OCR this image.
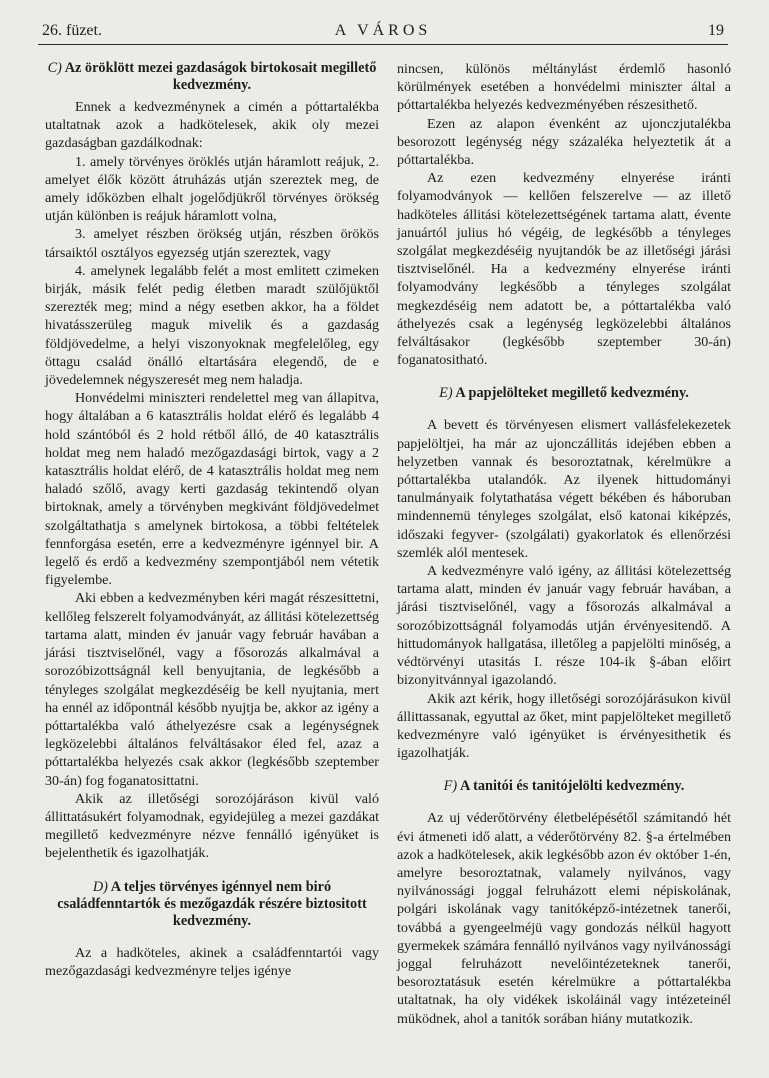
26. füzet.	A VÁROS	19
C) Az öröklött mezei gazdaságok birtokosait megillető kedvezmény.

Ennek a kedvezménynek a cimén a póttartalékba utaltatnak azok a hadkötelesek, akik oly mezei gazdaságban gazdálkodnak:

1. amely törvényes öröklés utján háramlott reájuk, 2. amelyet élők között átruházás utján szereztek meg, de amely időközben elhalt jogelődjükről törvényes örökség utján különben is reájuk háramlott volna,

3. amelyet részben örökség utján, részben örökös társaiktól osztályos egyezség utján szereztek, vagy

4. amelynek legalább felét a most emlitett czimeken birják, másik felét pedig életben maradt szülőjüktől szerezték meg; mind a négy esetben akkor, ha a földet hivatásszerüleg maguk mivelik és a gazdaság földjövedelme, a helyi viszonyoknak megfelelőleg, egy öttagu család önálló eltartására elegendő, de e jövedelemnek négyszeresét meg nem haladja.

Honvédelmi miniszteri rendelettel meg van állapitva, hogy általában a 6 katasztrális holdat elérő és legalább 4 hold szántóból és 2 hold rétből álló, de 40 katasztrális holdat meg nem haladó mezőgazdasági birtok, vagy a 2 katasztrális holdat elérő, de 4 katasztrális holdat meg nem haladó szőlő, avagy kerti gazdaság tekintendő olyan birtoknak, amely a törvényben megkivánt földjövedelmet szolgáltathatja s amelynek birtokosa, a többi feltételek fennforgása esetén, erre a kedvezményre igénnyel bir. A legelő és erdő a kedvezmény szempontjából nem vétetik figyelembe.

Aki ebben a kedvezményben kéri magát részesittetni, kellőleg felszerelt folyamodványát, az állitási kötelezettség tartama alatt, minden év január vagy február havában a járási tisztviselőnél, vagy a fősorozás alkalmával a sorozóbizottságnál kell benyujtania, de legkésőbb a tényleges szolgálat megkezdéséig be kell nyujtania, mert ha ennél az időpontnál később nyujtja be, akkor az igény a póttartalékba való áthelyezésre csak a legénységnek legközelebbi általános felváltásakor éled fel, azaz a póttartalékba helyezés csak akkor (legkésőbb szeptember 30-án) fog foganatosittatni.

Akik az illetőségi sorozójáráson kivül való állittatásukért folyamodnak, egyidejüleg a mezei gazdákat megillető kedvezményre nézve fennálló igényüket is bejelenthetik és igazolhatják.

D) A teljes törvényes igénnyel nem biró családfenntartók és mezőgazdák részére biztositott kedvezmény.

Az a hadköteles, akinek a családfenntartói vagy mezőgazdasági kedvezményre teljes igénye

nincsen, különös méltánylást érdemlő hasonló körülmények esetében a honvédelmi miniszter által a póttartalékba helyezés kedvezményében részesithető.

Ezen az alapon évenként az ujonczjutalékba besorozott legénység négy százaléka helyeztetik át a póttartalékba.

Az ezen kedvezmény elnyerése iránti folyamodványok — kellően felszerelve — az illető hadköteles állitási kötelezettségének tartama alatt, évente januártól julius hó végéig, de legkésőbb a tényleges szolgálat megkezdéséig nyujtandók be az illetőségi járási tisztviselőnél. Ha a kedvezmény elnyerése iránti folyamodvány legkésőbb a tényleges szolgálat megkezdéséig nem adatott be, a póttartalékba való áthelyezés csak a legénység legközelebbi általános felváltásakor (legkésőbb szeptember 30-án) foganatositható.

E) A papjelölteket megillető kedvezmény.

A bevett és törvényesen elismert vallásfelekezetek papjelöltjei, ha már az ujonczállitás idejében ebben a helyzetben vannak és besoroztatnak, kérelmükre a póttartalékba utalandók. Az ilyenek hittudományi tanulmányaik folytathatása végett békében és háboruban mindennemü tényleges szolgálat, első katonai kiképzés, időszaki fegyver- (szolgálati) gyakorlatok és ellenőrzési szemlék alól mentesek.

A kedvezményre való igény, az állitási kötelezettség tartama alatt, minden év január vagy február havában, a járási tisztviselőnél, vagy a fősorozás alkalmával a sorozóbizottságnál folyamodás utján érvényesitendő. A hittudományok hallgatása, illetőleg a papjelölti minőség, a védtörvényi utasitás I. része 104-ik §-ában előirt bizonyitvánnyal igazolandó.

Akik azt kérik, hogy illetőségi sorozójárásukon kivül állittassanak, egyuttal az őket, mint papjelölteket megillető kedvezményre való igényüket is érvényesithetik és igazolhatják.

F) A tanitói és tanitójelölti kedvezmény.

Az uj véderőtörvény életbelépésétől számitandó hét évi átmeneti idő alatt, a véderőtörvény 82. §-a értelmében azok a hadkötelesek, akik legkésőbb azon év október 1-én, amelyre besoroztatnak, valamely nyilvános, vagy nyilvánossági joggal felruházott elemi népiskolának, polgári iskolának vagy tanitóképző-intézetnek tanerői, továbbá a gyengeelméjü vagy gondozás nélkül hagyott gyermekek számára fennálló nyilvános vagy nyilvánossági joggal felruházott nevelőintézeteknek tanerői, besoroztatásuk esetén kérelmükre a póttartalékba utaltatnak, ha oly vidékek iskoláinál vagy intézeteinél müködnek, ahol a tanitók sorában hiány mutatkozik.
